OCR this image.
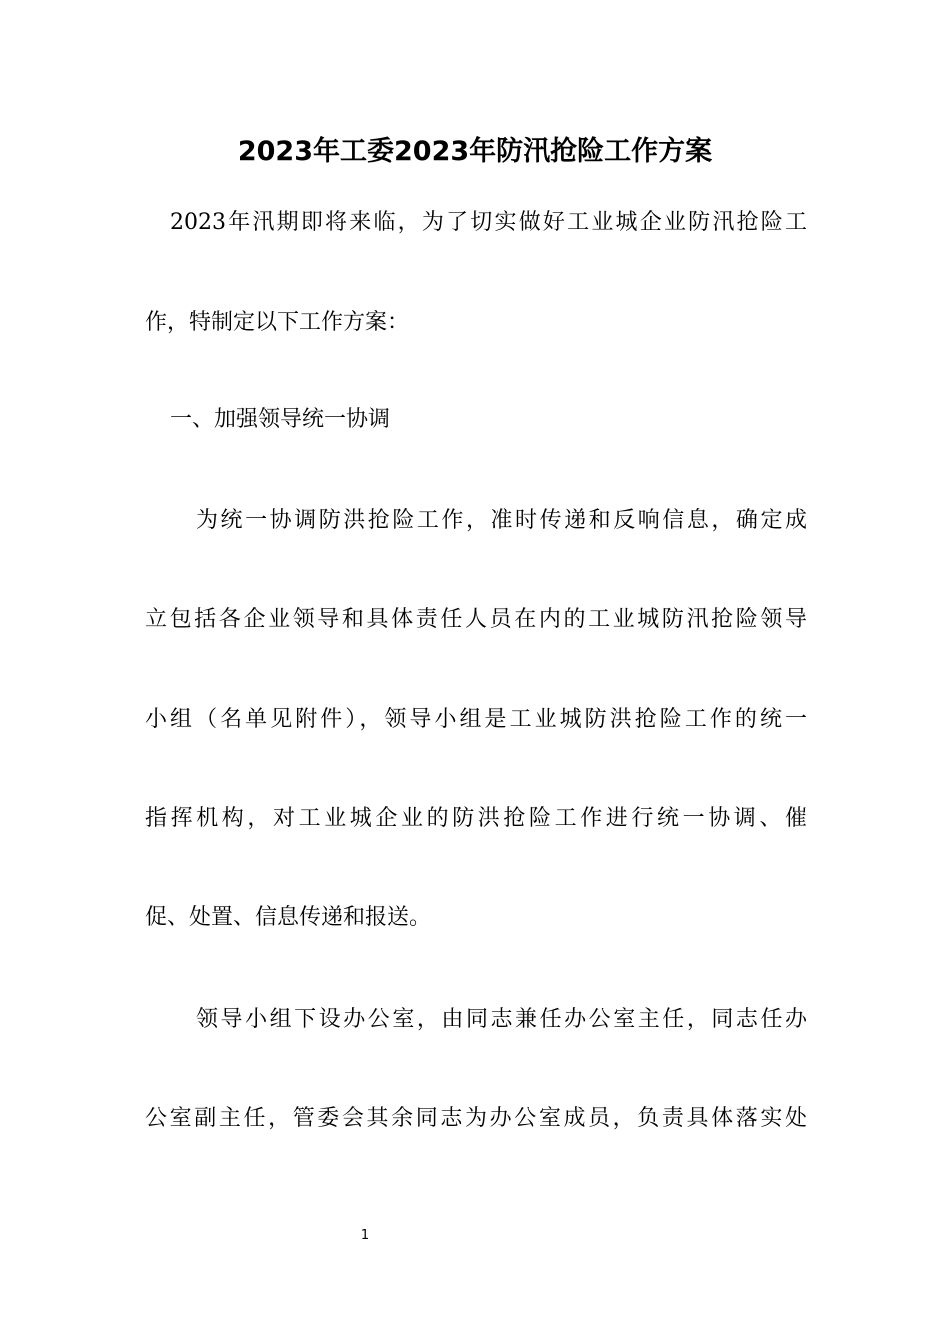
2023年工委2023年防汛抢险工作方案
2023年汛期即将来临，为了切实做好工业城企业防汛抢险工
作，特制定以下工作方案：
一、加强领导统一协调
为统一协调防洪抢险工作，准时传递和反响信息，确定成
立包括各企业领导和具体责任人员在内的工业城防汛抢险领导
小组（名单见附件），领导小组是工业城防洪抢险工作的统一
指挥机构，对工业城企业的防洪抢险工作进行统一协调、催
促、处置、信息传递和报送。
领导小组下设办公室，由同志兼任办公室主任，同志任办
公室副主任，管委会其余同志为办公室成员，负责具体落实处
1
